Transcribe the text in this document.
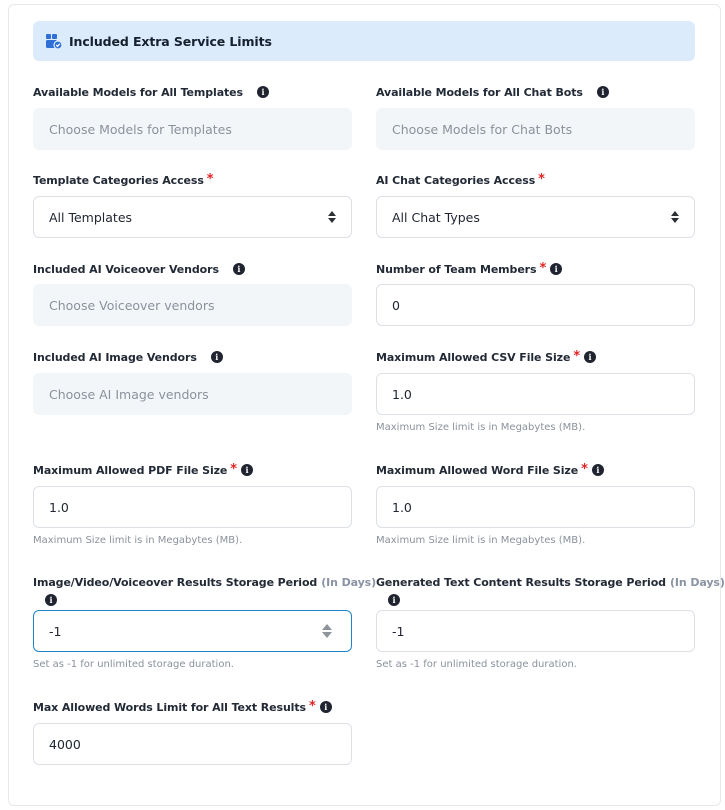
Included Extra Service Limits
Available Models for All Templates	i
Choose Models for Templates
Available Models for All Chat Bots	i
Choose Models for Chat Bots
Template Categories Access *
All Templates
AI Chat Categories Access *
All Chat Types
Included AI Voiceover Vendors	i
Choose Voiceover vendors
Number of Team Members *	i
0
Included AI Image Vendors	i
Choose AI Image vendors
Maximum Allowed CSV File Size *	i
1.0
Maximum Size limit is in Megabytes (MB).
Maximum Allowed PDF File Size *	i
1.0
Maximum Size limit is in Megabytes (MB).
Maximum Allowed Word File Size *	i
1.0
Maximum Size limit is in Megabytes (MB).
Image/Video/Voiceover Results Storage Period (In Days)
i
-1
Set as -1 for unlimited storage duration.
Generated Text Content Results Storage Period (In Days)
i
-1
Set as -1 for unlimited storage duration.
Max Allowed Words Limit for All Text Results *	i
4000
